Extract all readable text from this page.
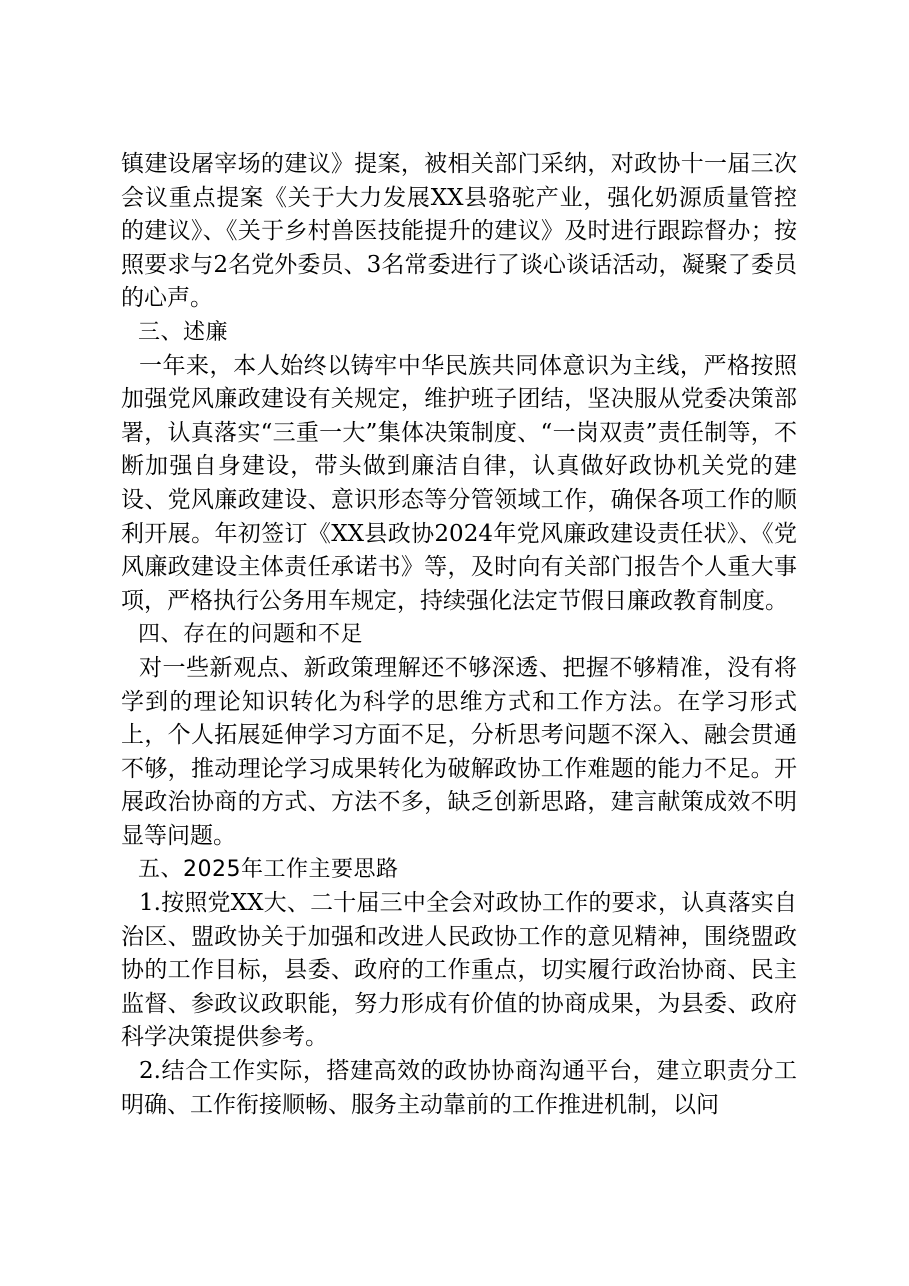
镇建设屠宰场的建议》提案，被相关部门采纳，对政协十一届三次会议重点提案《关于大力发展XX县骆驼产业，强化奶源质量管控的建议》、《关于乡村兽医技能提升的建议》及时进行跟踪督办；按照要求与2名党外委员、3名常委进行了谈心谈话活动，凝聚了委员的心声。

三、述廉

一年来，本人始终以铸牢中华民族共同体意识为主线，严格按照加强党风廉政建设有关规定，维护班子团结，坚决服从党委决策部署，认真落实“三重一大”集体决策制度、“一岗双责”责任制等，不断加强自身建设，带头做到廉洁自律，认真做好政协机关党的建设、党风廉政建设、意识形态等分管领域工作，确保各项工作的顺利开展。年初签订《XX县政协2024年党风廉政建设责任状》、《党风廉政建设主体责任承诺书》等，及时向有关部门报告个人重大事项，严格执行公务用车规定，持续强化法定节假日廉政教育制度。

四、存在的问题和不足

对一些新观点、新政策理解还不够深透、把握不够精准，没有将学到的理论知识转化为科学的思维方式和工作方法。在学习形式上，个人拓展延伸学习方面不足，分析思考问题不深入、融会贯通不够，推动理论学习成果转化为破解政协工作难题的能力不足。开展政治协商的方式、方法不多，缺乏创新思路，建言献策成效不明显等问题。

五、2025年工作主要思路

1.按照党XX大、二十届三中全会对政协工作的要求，认真落实自治区、盟政协关于加强和改进人民政协工作的意见精神，围绕盟政协的工作目标，县委、政府的工作重点，切实履行政治协商、民主监督、参政议政职能，努力形成有价值的协商成果，为县委、政府科学决策提供参考。

2.结合工作实际，搭建高效的政协协商沟通平台，建立职责分工明确、工作衔接顺畅、服务主动靠前的工作推进机制，以问
